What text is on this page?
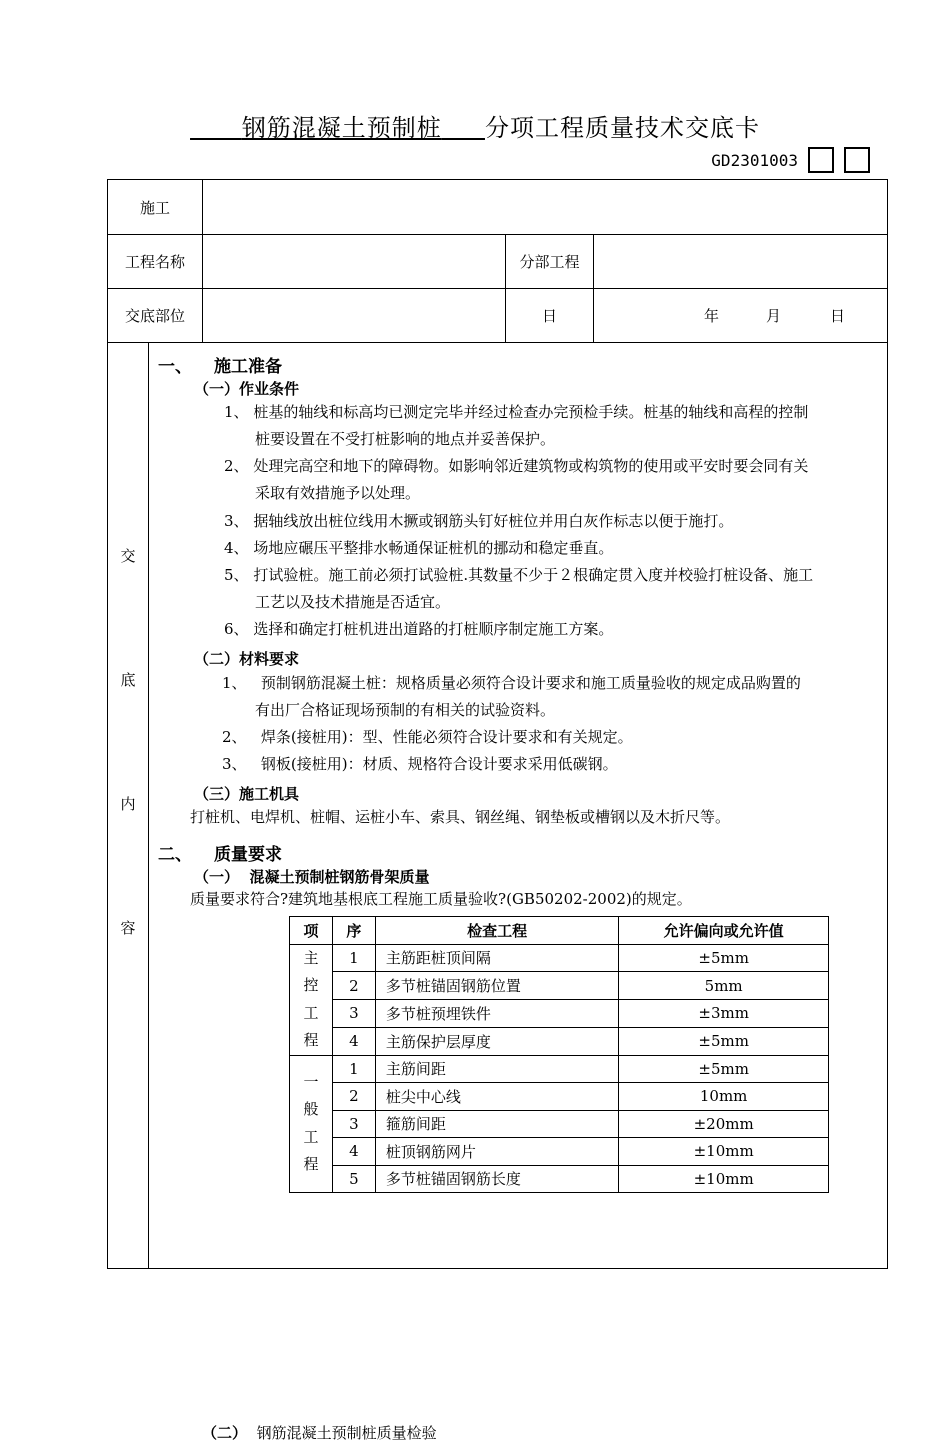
钢筋混凝土预制桩 分项工程质量技术交底卡
GD2301003
施工
工程名称	分部工程
交底部位	日	年	月	日
交
底
内
容
一、 施工准备
（一）作业条件
1、 桩基的轴线和标高均已测定完毕并经过检查办完预检手续。桩基的轴线和高程的控制
桩要设置在不受打桩影响的地点并妥善保护。
2、 处理完高空和地下的障碍物。如影响邻近建筑物或构筑物的使用或平安时要会同有关
采取有效措施予以处理。
3、 据轴线放出桩位线用木撅或钢筋头钉好桩位并用白灰作标志以便于施打。
4、 场地应碾压平整排水畅通保证桩机的挪动和稳定垂直。
5、 打试验桩。施工前必须打试验桩.其数量不少于２根确定贯入度并校验打桩设备、施工
工艺以及技术措施是否适宜。
6、 选择和确定打桩机进出道路的打桩顺序制定施工方案。
（二）材料要求
1、 预制钢筋混凝土桩：规格质量必须符合设计要求和施工质量验收的规定成品购置的
有出厂合格证现场预制的有相关的试验资料。
2、 焊条(接桩用)：型、性能必须符合设计要求和有关规定。
3、 钢板(接桩用)：材质、规格符合设计要求采用低碳钢。
（三）施工机具
打桩机、电焊机、桩帽、运桩小车、索具、钢丝绳、钢垫板或槽钢以及木折尺等。
二、 质量要求
（一） 混凝土预制桩钢筋骨架质量
质量要求符合?建筑地基根底工程施工质量验收?(GB50202-2002)的规定。
项	序	检查工程	允许偏向或允许值
主
控
工
程	1	主筋距桩顶间隔	±5mm
	2	多节桩锚固钢筋位置	5mm
	3	多节桩预埋铁件	±3mm
	4	主筋保护层厚度	±5mm
一
般
工
程	1	主筋间距	±5mm
	2	桩尖中心线	10mm
	3	箍筋间距	±20mm
	4	桩顶钢筋网片	±10mm
	5	多节桩锚固钢筋长度	±10mm
（二） 钢筋混凝土预制桩质量检验
